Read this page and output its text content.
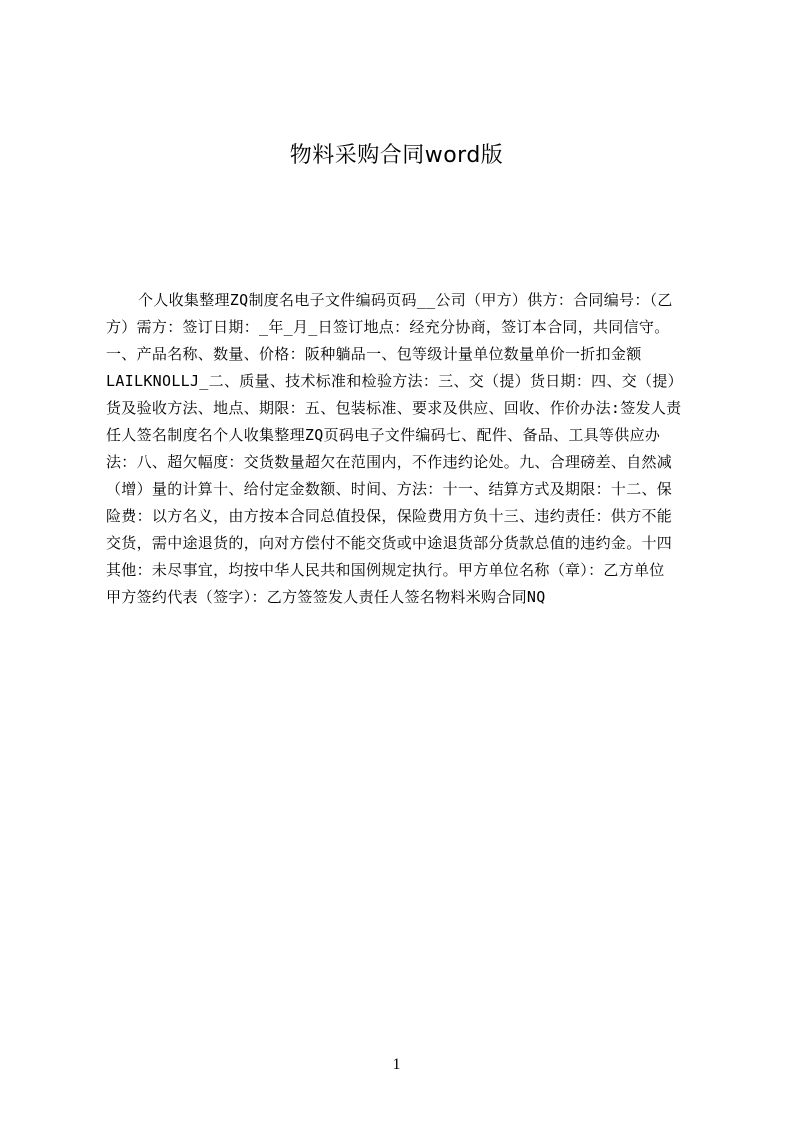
物料采购合同word版
个人收集整理ZQ制度名电子文件编码页码__公司（甲方）供方：合同编号：（乙
方）需方：签订日期：_年_月_日签订地点：经充分协商，签订本合同，共同信守。
一、产品名称、数量、价格：阪种躺品一、包等级计量单位数量单价一折扣金额
LAILKNOLLJ_二、质量、技术标准和检验方法：三、交（提）货日期：四、交（提）
货及验收方法、地点、期限：五、包装标准、要求及供应、回收、作价办法:签发人责
任人签名制度名个人收集整理ZQ页码电子文件编码七、配件、备品、工具等供应办
法：八、超欠幅度：交货数量超欠在范围内，不作违约论处。九、合理磅差、自然减
（增）量的计算十、给付定金数额、时间、方法：十一、结算方式及期限：十二、保
险费：以方名义，由方按本合同总值投保，保险费用方负十三、违约责任：供方不能
交货，需中途退货的，向对方偿付不能交货或中途退货部分货款总值的违约金。十四
其他：未尽事宜，均按中华人民共和国例规定执行。甲方单位名称（章）：乙方单位
甲方签约代表（签字）：乙方签签发人责任人签名物料米购合同NQ
1
